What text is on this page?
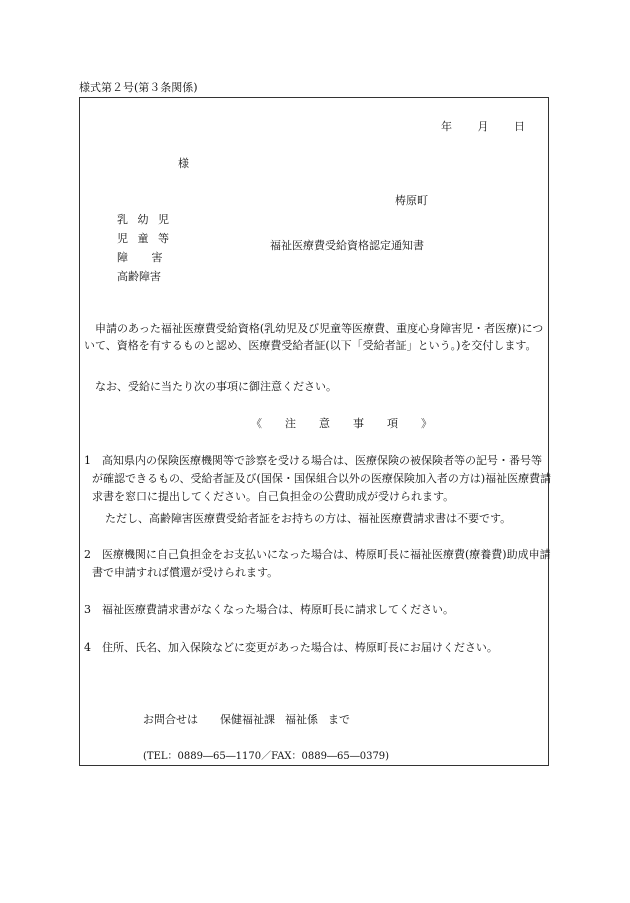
様式第２号(第３条関係)
年 月 日
様
梼原町
乳 幼 児
児 童 等
障　 害
高齢障害
福祉医療費受給資格認定通知書
申請のあった福祉医療費受給資格(乳幼児及び児童等医療費、重度心身障害児・者医療)について、資格を有するものと認め、医療費受給者証(以下「受給者証」という。)を交付します。
なお、受給に当たり次の事項に御注意ください。
《　注　意　事　項　》
1　高知県内の保険医療機関等で診察を受ける場合は、医療保険の被保険者等の記号・番号等が確認できるもの、受給者証及び(国保・国保組合以外の医療保険加入者の方は)福祉医療費請求書を窓口に提出してください。自己負担金の公費助成が受けられます。
ただし、高齢障害医療費受給者証をお持ちの方は、福祉医療費請求書は不要です。
2　医療機関に自己負担金をお支払いになった場合は、梼原町長に福祉医療費(療養費)助成申請書で申請すれば償還が受けられます。
3　福祉医療費請求書がなくなった場合は、梼原町長に請求してください。
4　住所、氏名、加入保険などに変更があった場合は、梼原町長にお届けください。
お問合せは 保健福祉課 福祉係 まで
(TEL：0889―65―1170／FAX：0889―65―0379)
